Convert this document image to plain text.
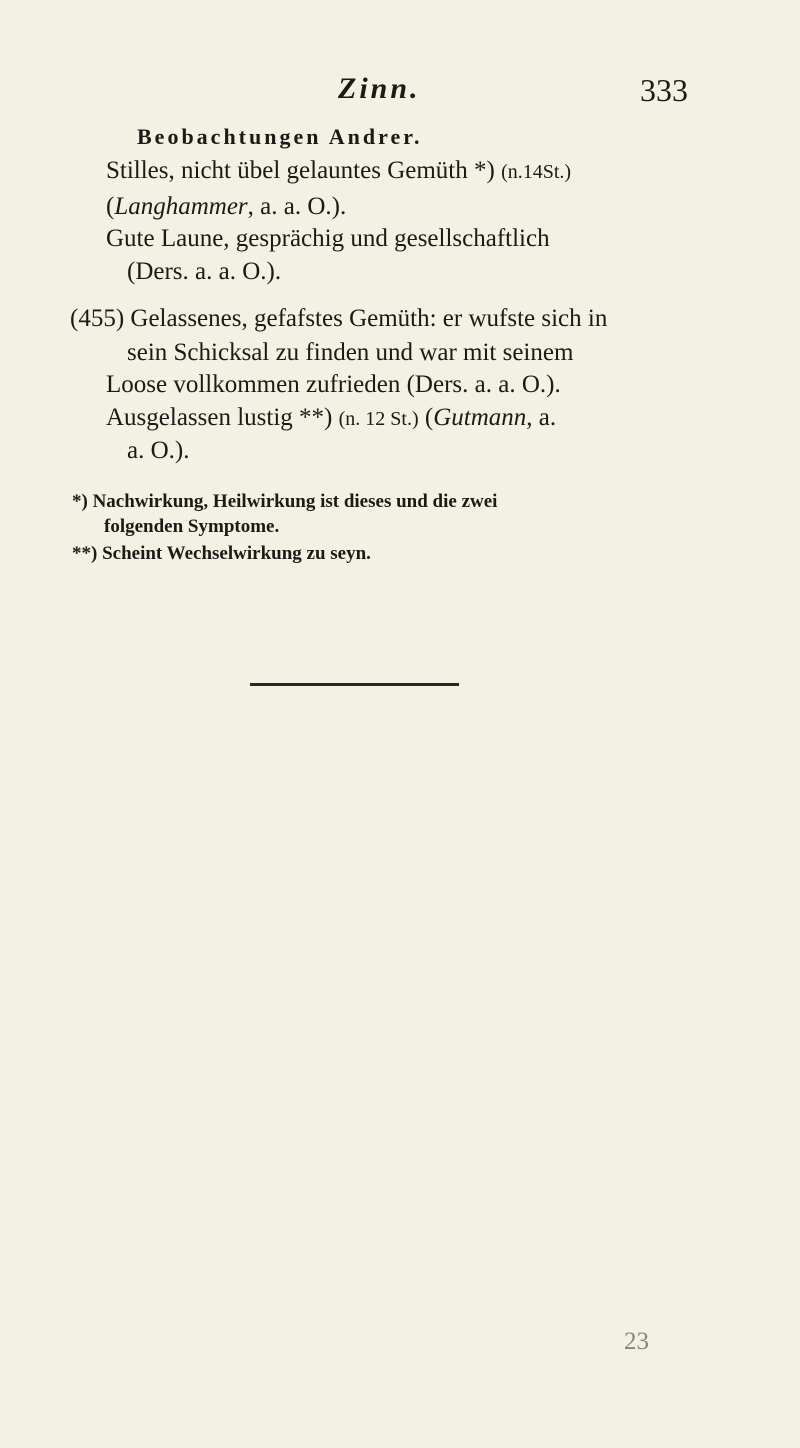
Zinn.	333
Beobachtungen Andrer.
Stilles, nicht übel gelauntes Gemüth *) (n.14St.)
(Langhammer, a. a. O.).
Gute Laune, gesprächig und gesellschaftlich
(Ders. a. a. O.).
(455) Gelassenes, gefafstes Gemüth: er wufste sich in
sein Schicksal zu finden und war mit seinem
Loose vollkommen zufrieden (Ders. a. a. O.).
Ausgelassen lustig **) (n. 12 St.) (Gutmann, a.
a. O.).
*) Nachwirkung, Heilwirkung ist dieses und die zwei
folgenden Symptome.
**) Scheint Wechselwirkung zu seyn.
23
